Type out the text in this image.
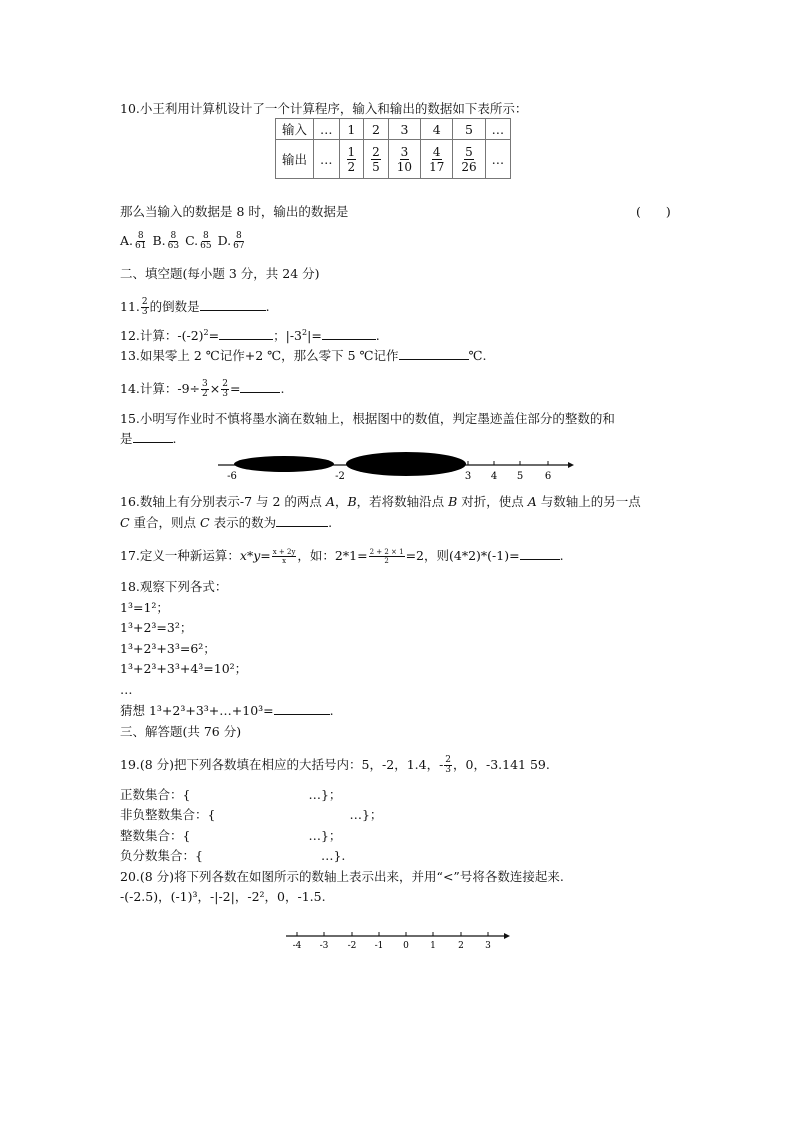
10.小王利用计算机设计了一个计算程序，输入和输出的数据如下表所示：
输入	…	1	2	3	4	5	…
输出	…	$\frac{1}{2}$	$\frac{2}{5}$	$\frac{3}{10}$	$\frac{4}{17}$	$\frac{5}{26}$	…
那么当输入的数据是 8 时，输出的数据是	(　　)
A. $\frac{8}{61} B$. $\frac{8}{63} C$. $\frac{8}{65} D$. $\frac{8}{67}$
二、填空题(每小题 3 分，共 24 分)
11. $\frac{2}{3}$ 的倒数是	.
12.计算：$-(-2)^2=$	；$|-3^2|=$	.
13.如果零上 2 ℃记作+2 ℃，那么零下 5 ℃记作	℃.
14.计算：$-9\div \frac{3}{2} \times \frac{2}{3}$ =	.
15.小明写作业时不慎将墨水滴在数轴上，根据图中的数值，判定墨迹盖住部分的整数的和
是	.
-6	-2	3 4 5 6
16.数轴上有分别表示-7 与 2 的两点 A，B，若将数轴沿点 B 对折，使点 A 与数轴上的另一点
C 重合，则点 C 表示的数为	.
17.定义一种新运算：$x*y= \frac{x + 2y}{x}$ ，如：$2*1= \frac{2 + 2 \times 1}{2} =2$，则(4*2)*(-1)=	.
18.观察下列各式：
1³=1²；
1³+2³=3²；
1³+2³+3³=6²；
1³+2³+3³+4³=10²；
…
猜想 1³+2³+3³+…+10³=	.
三、解答题(共 76 分)
19.(8 分)把下列各数填在相应的大括号内：5，-2，1.4，- $\frac{2}{3}$ ，0，-3.141 59.
正数集合：{	…}；
非负整数集合：{	…}；
整数集合：{	…}；
负分数集合：{	…}.
20.(8 分)将下列各数在如图所示的数轴上表示出来，并用“<”号将各数连接起来.
-(-2.5)，(-1)³，-|-2|，-2²，0，-1.5.
-4 -3 -2 -1 0 1 2 3
